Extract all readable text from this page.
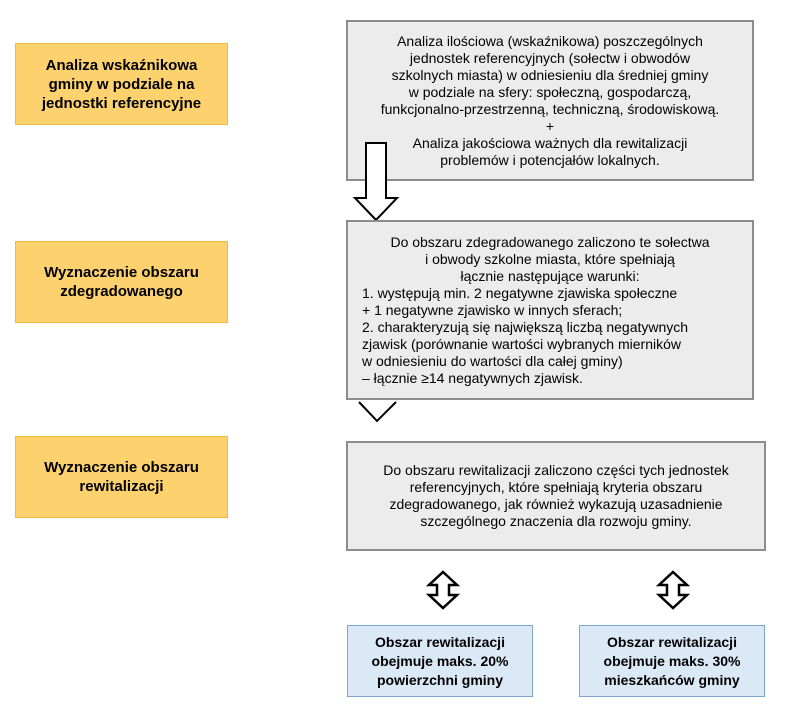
Analiza wskaźnikowa
gminy w podziale na
jednostki referencyjne
Wyznaczenie obszaru
zdegradowanego
Wyznaczenie obszaru
rewitalizacji
Analiza ilościowa (wskaźnikowa) poszczególnych
jednostek referencyjnych (sołectw i obwodów
szkolnych miasta) w odniesieniu dla średniej gminy
w podziale na sfery: społeczną, gospodarczą,
funkcjonalno-przestrzenną, techniczną, środowiskową.
+
Analiza jakościowa ważnych dla rewitalizacji
problemów i potencjałów lokalnych.
Do obszaru zdegradowanego zaliczono te sołectwa
i obwody szkolne miasta, które spełniają
łącznie następujące warunki:
1. występują min. 2 negatywne zjawiska społeczne
+ 1 negatywne zjawisko w innych sferach;
2. charakteryzują się największą liczbą negatywnych
zjawisk (porównanie wartości wybranych mierników
w odniesieniu do wartości dla całej gminy)
– łącznie ≥14 negatywnych zjawisk.
Do obszaru rewitalizacji zaliczono części tych jednostek
referencyjnych, które spełniają kryteria obszaru
zdegradowanego, jak również wykazują uzasadnienie
szczególnego znaczenia dla rozwoju gminy.
Obszar rewitalizacji
obejmuje maks. 20%
powierzchni gminy
Obszar rewitalizacji
obejmuje maks. 30%
mieszkańców gminy
